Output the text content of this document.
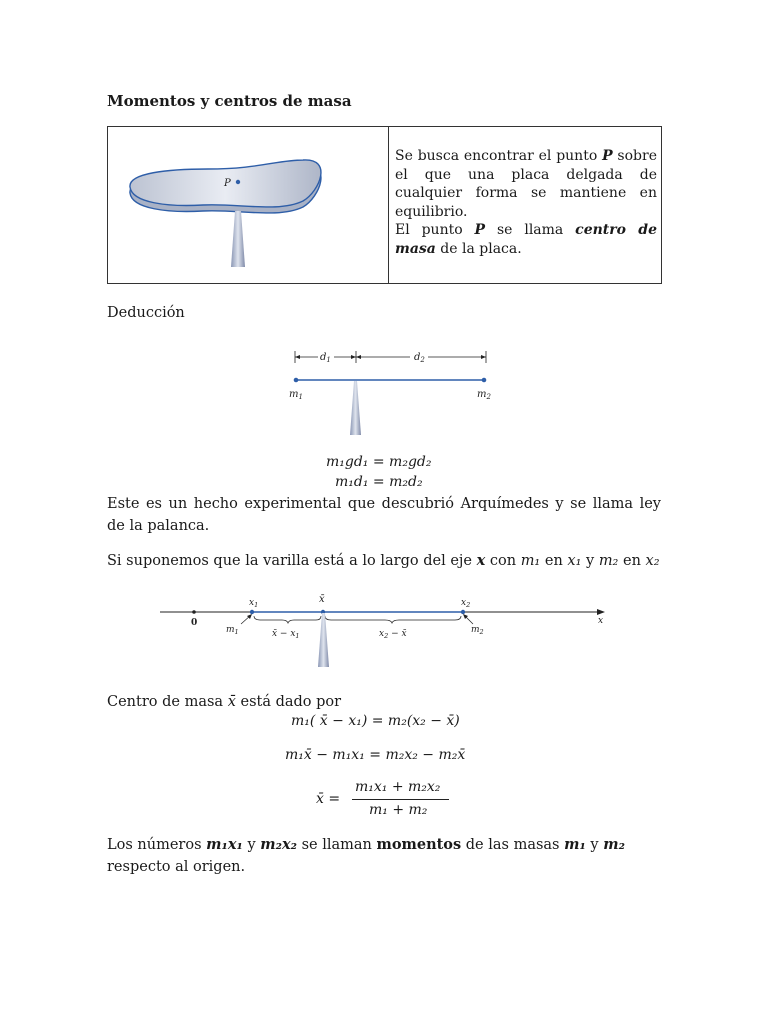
Momentos y centros de masa
P
Se busca encontrar el punto P sobre el que una placa delgada de cualquier forma se mantiene en equilibrio.
El punto P se llama centro de masa de la placa.
Deducción
$d_1$	$d_2$
$m_1$	$m_2$
m₁gd₁ = m₂gd₂
m₁d₁ = m₂d₂
Este es un hecho experimental que descubrió Arquímedes y se llama ley de la palanca.
Si suponemos que la varilla está a lo largo del eje x con m₁ en x₁ y m₂ en x₂
x
0
$x_1$	x̄	$x_2$
x̄ − $x_1$	$x_2$ − x̄
$m_1$	$m_2$
Centro de masa x̄ está dado por
m₁( x̄ − x₁) = m₂(x₂ − x̄)
m₁x̄ − m₁x₁ = m₂x₂ − m₂x̄
x̄ =
m₁x₁ + m₂x₂
m₁ + m₂
Los números m₁x₁ y m₂x₂ se llaman momentos de las masas m₁ y m₂
respecto al origen.
